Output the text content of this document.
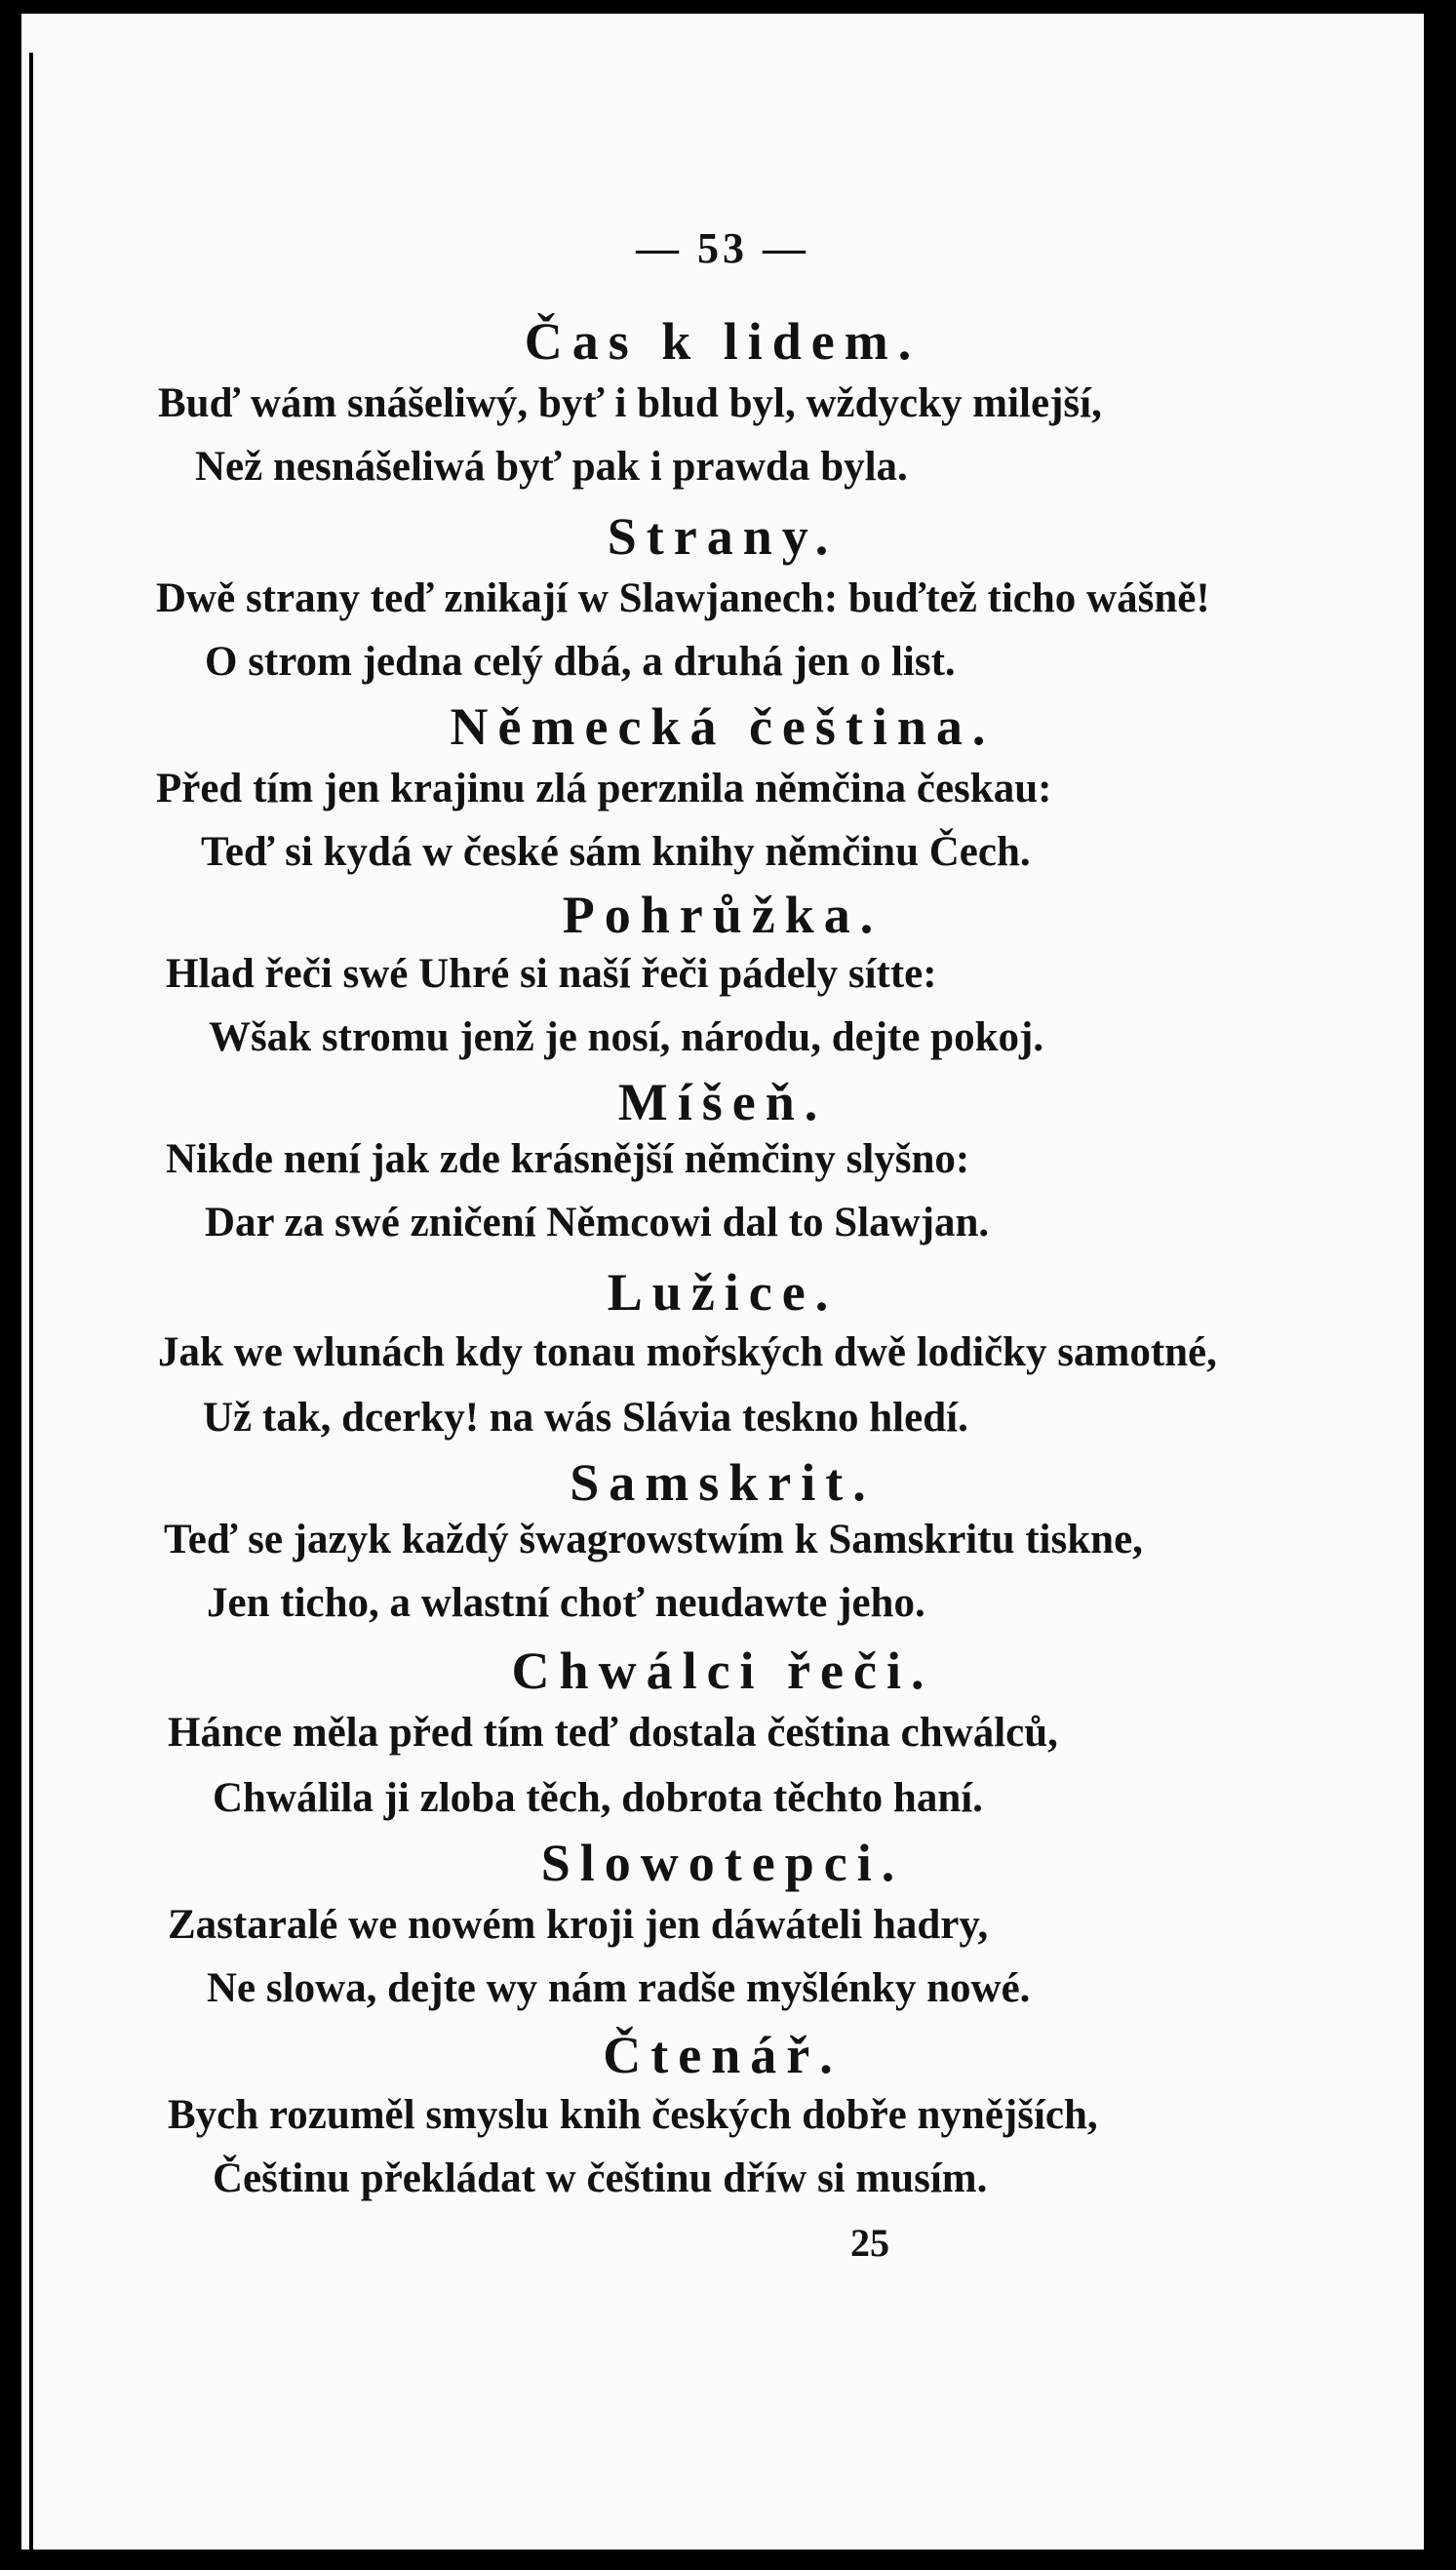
— 53 —
Čas k lidem.
Buď wám snášeliwý, byť i blud byl, wždycky milejší,
Než nesnášeliwá byť pak i prawda byla.
Strany.
Dwě strany teď znikají w Slawjanech: buďtež ticho wášně!
O strom jedna celý dbá, a druhá jen o list.
Německá čeština.
Před tím jen krajinu zlá perznila němčina českau:
Teď si kydá w české sám knihy němčinu Čech.
Pohrůžka.
Hlad řeči swé Uhré si naší řeči pádely sítte:
Wšak stromu jenž je nosí, národu, dejte pokoj.
Míšeň.
Nikde není jak zde krásnější němčiny slyšno:
Dar za swé zničení Němcowi dal to Slawjan.
Lužice.
Jak we wlunách kdy tonau mořských dwě lodičky samotné,
Už tak, dcerky! na wás Slávia teskno hledí.
Samskrit.
Teď se jazyk každý šwagrowstwím k Samskritu tiskne,
Jen ticho, a wlastní choť neudawte jeho.
Chwálci řeči.
Hánce měla před tím teď dostala čeština chwálců,
Chwálila ji zloba těch, dobrota těchto haní.
Slowotepci.
Zastaralé we nowém kroji jen dáwáteli hadry,
Ne slowa, dejte wy nám radše myšlénky nowé.
Čtenář.
Bych rozuměl smyslu knih českých dobře nynějších,
Češtinu překládat w češtinu dříw si musím.
25
